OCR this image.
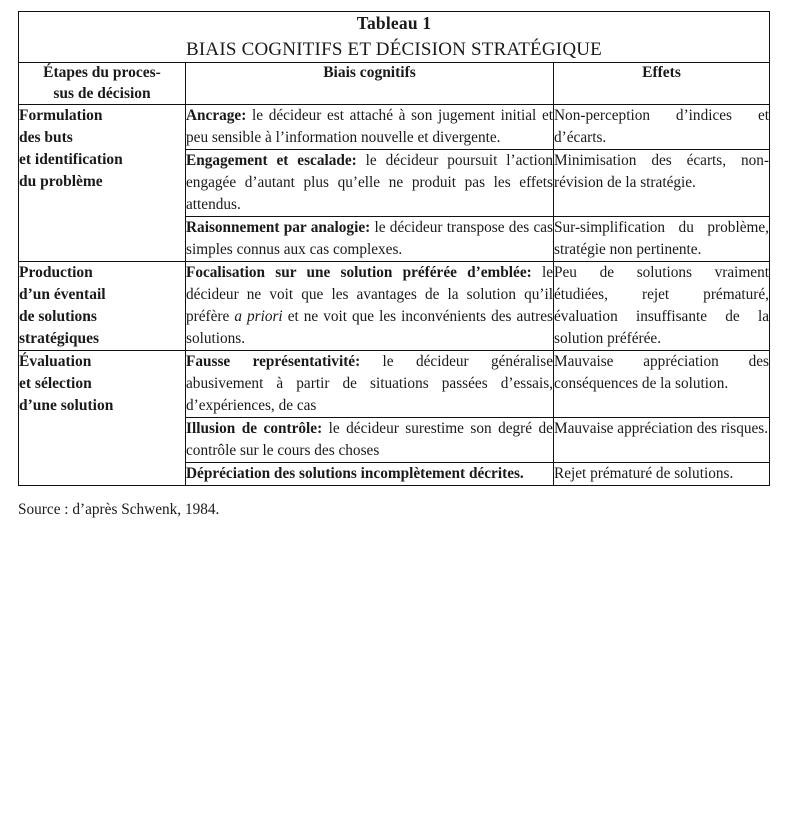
Tableau 1
BIAIS COGNITIFS ET DÉCISION STRATÉGIQUE		

Étapes du proces-
sus de décision	Biais cognitifs	Effets

Formulation
des buts
et identification
du problème	Ancrage: le décideur est attaché à son jugement initial et peu sensible à l’information nouvelle et divergente.	Non-perception d’indices et d’écarts.
	Engagement et escalade: le décideur poursuit l’action engagée d’autant plus qu’elle ne produit pas les effets attendus.	Minimisation des écarts, non-révision de la stratégie.
	Raisonnement par analogie: le décideur transpose des cas simples connus aux cas complexes.	Sur-simplification du problème, stratégie non pertinente.

Production
d’un éventail
de solutions
stratégiques	Focalisation sur une solution préférée d’emblée: le décideur ne voit que les avantages de la solution qu’il préfère a priori et ne voit que les inconvénients des autres solutions.	Peu de solutions vraiment étudiées, rejet prématuré, évaluation insuffisante de la solution préférée.

Évaluation
et sélection
d’une solution	Fausse représentativité: le décideur généralise abusivement à partir de situations passées d’essais, d’expériences, de cas	Mauvaise appréciation des conséquences de la solution.
	Illusion de contrôle: le décideur surestime son degré de contrôle sur le cours des choses	Mauvaise appréciation des risques.
	Dépréciation des solutions incomplètement décrites.	Rejet prématuré de solutions.
Source : d’après Schwenk, 1984.
